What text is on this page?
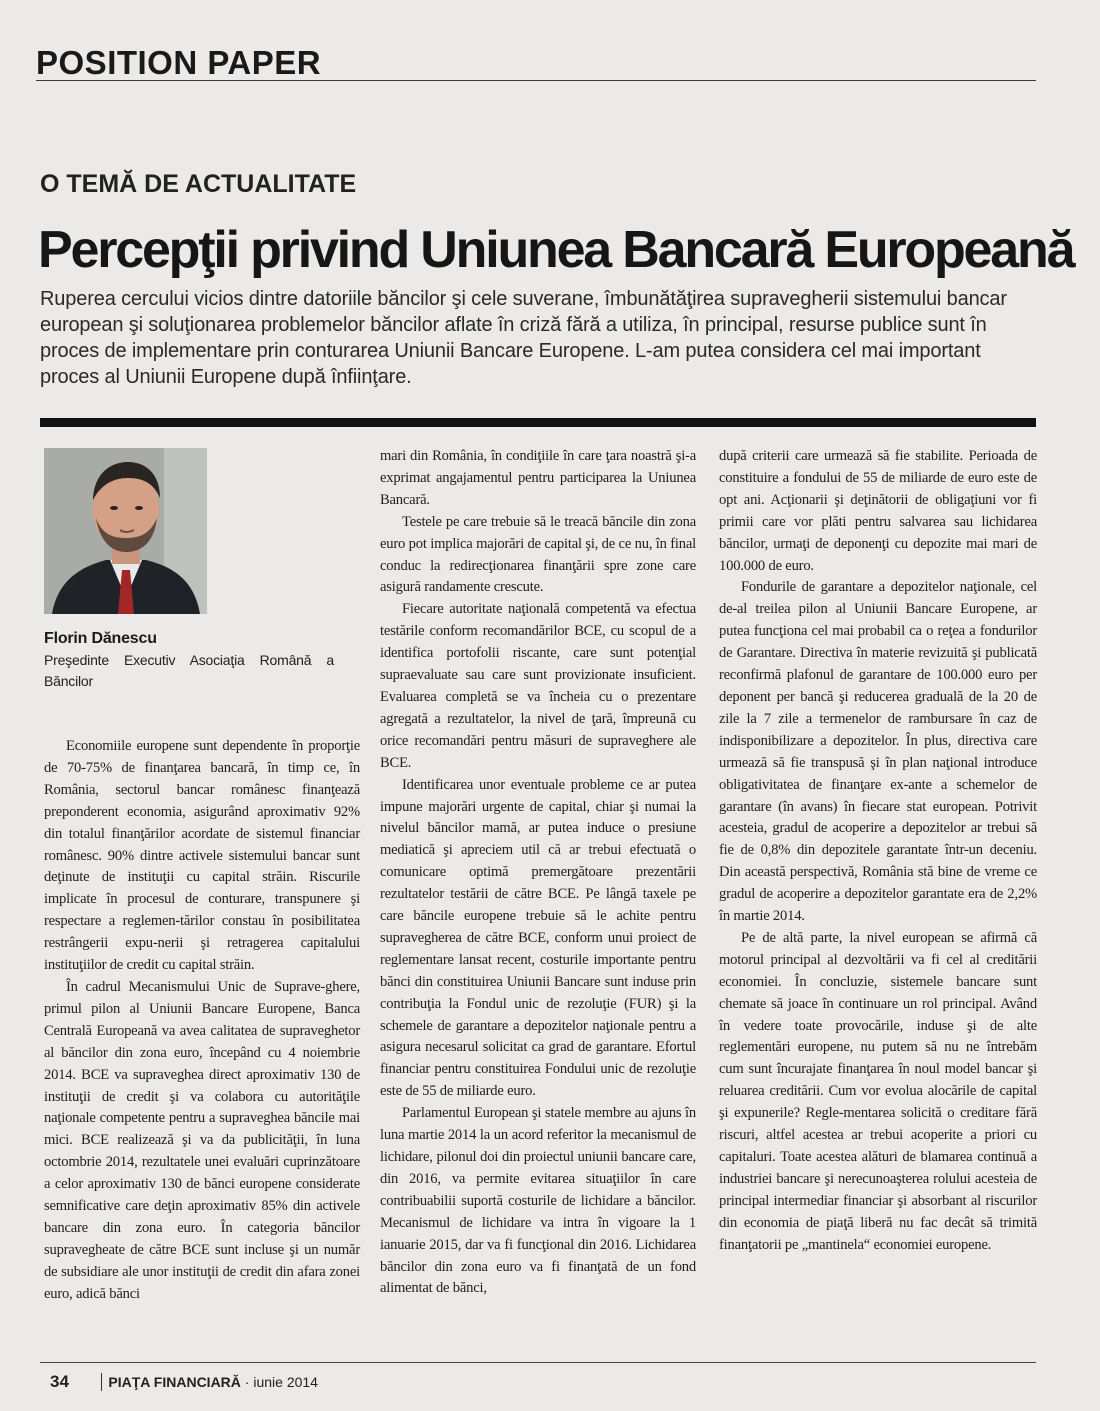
POSITION PAPER
O TEMĂ DE ACTUALITATE
Percepţii privind Uniunea Bancară Europeană
Ruperea cercului vicios dintre datoriile băncilor şi cele suverane, îmbunătăţirea supravegherii sistemului bancar european şi soluţionarea problemelor băncilor aflate în criză fără a utiliza, în principal, resurse publice sunt în proces de implementare prin conturarea Uniunii Bancare Europene. L-am putea considera cel mai important proces al Uniunii Europene după înfiinţare.
Florin Dănescu
Preşedinte Executiv Asociaţia Română a Băncilor

Economiile europene sunt dependente în proporţie de 70-75% de finanţarea bancară, în timp ce, în România, sectorul bancar românesc finanţează preponderent economia, asigurând aproximativ 92% din totalul finanţărilor acordate de sistemul financiar românesc. 90% dintre activele sistemului bancar sunt deţinute de instituţii cu capital străin. Riscurile implicate în procesul de conturare, transpunere şi respectare a reglemen-tărilor constau în posibilitatea restrângerii expu-nerii şi retragerea capitalului instituţiilor de credit cu capital străin.

În cadrul Mecanismului Unic de Suprave-ghere, primul pilon al Uniunii Bancare Europene, Banca Centrală Europeană va avea calitatea de supraveghetor al băncilor din zona euro, începând cu 4 noiembrie 2014. BCE va supraveghea direct aproximativ 130 de instituţii de credit şi va colabora cu autorităţile naţionale competente pentru a supraveghea băncile mai mici. BCE realizează şi va da publicităţii, în luna octombrie 2014, rezultatele unei evaluări cuprinzătoare a celor aproximativ 130 de bănci europene considerate semnificative care deţin aproximativ 85% din activele bancare din zona euro. În categoria băncilor supravegheate de către BCE sunt incluse şi un număr de subsidiare ale unor instituţii de credit din afara zonei euro, adică bănci

mari din România, în condiţiile în care ţara noastră şi-a exprimat angajamentul pentru participarea la Uniunea Bancară.

Testele pe care trebuie să le treacă băncile din zona euro pot implica majorări de capital şi, de ce nu, în final conduc la redirecţionarea finanţării spre zone care asigură randamente crescute.

Fiecare autoritate naţională competentă va efectua testările conform recomandărilor BCE, cu scopul de a identifica portofolii riscante, care sunt potenţial supraevaluate sau care sunt provizionate insuficient. Evaluarea completă se va încheia cu o prezentare agregată a rezultatelor, la nivel de ţară, împreună cu orice recomandări pentru măsuri de supraveghere ale BCE.

Identificarea unor eventuale probleme ce ar putea impune majorări urgente de capital, chiar şi numai la nivelul băncilor mamă, ar putea induce o presiune mediatică şi apreciem util că ar trebui efectuată o comunicare optimă premergătoare prezentării rezultatelor testării de către BCE. Pe lângă taxele pe care băncile europene trebuie să le achite pentru supravegherea de către BCE, conform unui proiect de reglementare lansat recent, costurile importante pentru bănci din constituirea Uniunii Bancare sunt induse prin contribuţia la Fondul unic de rezoluţie (FUR) şi la schemele de garantare a depozitelor naţionale pentru a asigura necesarul solicitat ca grad de garantare. Efortul financiar pentru constituirea Fondului unic de rezoluţie este de 55 de miliarde euro.

Parlamentul European şi statele membre au ajuns în luna martie 2014 la un acord referitor la mecanismul de lichidare, pilonul doi din proiectul uniunii bancare care, din 2016, va permite evitarea situaţiilor în care contribuabilii suportă costurile de lichidare a băncilor. Mecanismul de lichidare va intra în vigoare la 1 ianuarie 2015, dar va fi funcţional din 2016. Lichidarea băncilor din zona euro va fi finanţată de un fond alimentat de bănci,

după criterii care urmează să fie stabilite. Perioada de constituire a fondului de 55 de miliarde de euro este de opt ani. Acţionarii şi deţinătorii de obligaţiuni vor fi primii care vor plăti pentru salvarea sau lichidarea băncilor, urmaţi de deponenţi cu depozite mai mari de 100.000 de euro.

Fondurile de garantare a depozitelor naţionale, cel de-al treilea pilon al Uniunii Bancare Europene, ar putea funcţiona cel mai probabil ca o reţea a fondurilor de Garantare. Directiva în materie revizuită şi publicată reconfirmă plafonul de garantare de 100.000 euro per deponent per bancă şi reducerea graduală de la 20 de zile la 7 zile a termenelor de rambursare în caz de indisponibilizare a depozitelor. În plus, directiva care urmează să fie transpusă şi în plan naţional introduce obligativitatea de finanţare ex-ante a schemelor de garantare (în avans) în fiecare stat european. Potrivit acesteia, gradul de acoperire a depozitelor ar trebui să fie de 0,8% din depozitele garantate într-un deceniu. Din această perspectivă, România stă bine de vreme ce gradul de acoperire a depozitelor garantate era de 2,2% în martie 2014.

Pe de altă parte, la nivel european se afirmă că motorul principal al dezvoltării va fi cel al creditării economiei. În concluzie, sistemele bancare sunt chemate să joace în continuare un rol principal. Având în vedere toate provocările, induse şi de alte reglementări europene, nu putem să nu ne întrebăm cum sunt încurajate finanţarea în noul model bancar şi reluarea creditării. Cum vor evolua alocările de capital şi expunerile? Regle-mentarea solicită o creditare fără riscuri, altfel acestea ar trebui acoperite a priori cu capitaluri. Toate acestea alături de blamarea continuă a industriei bancare şi nerecunoaşterea rolului acesteia de principal intermediar financiar şi absorbant al riscurilor din economia de piaţă liberă nu fac decât să trimită finanţatorii pe „mantinela“ economiei europene.

34	PIAŢA FINANCIARĂ · iunie 2014
